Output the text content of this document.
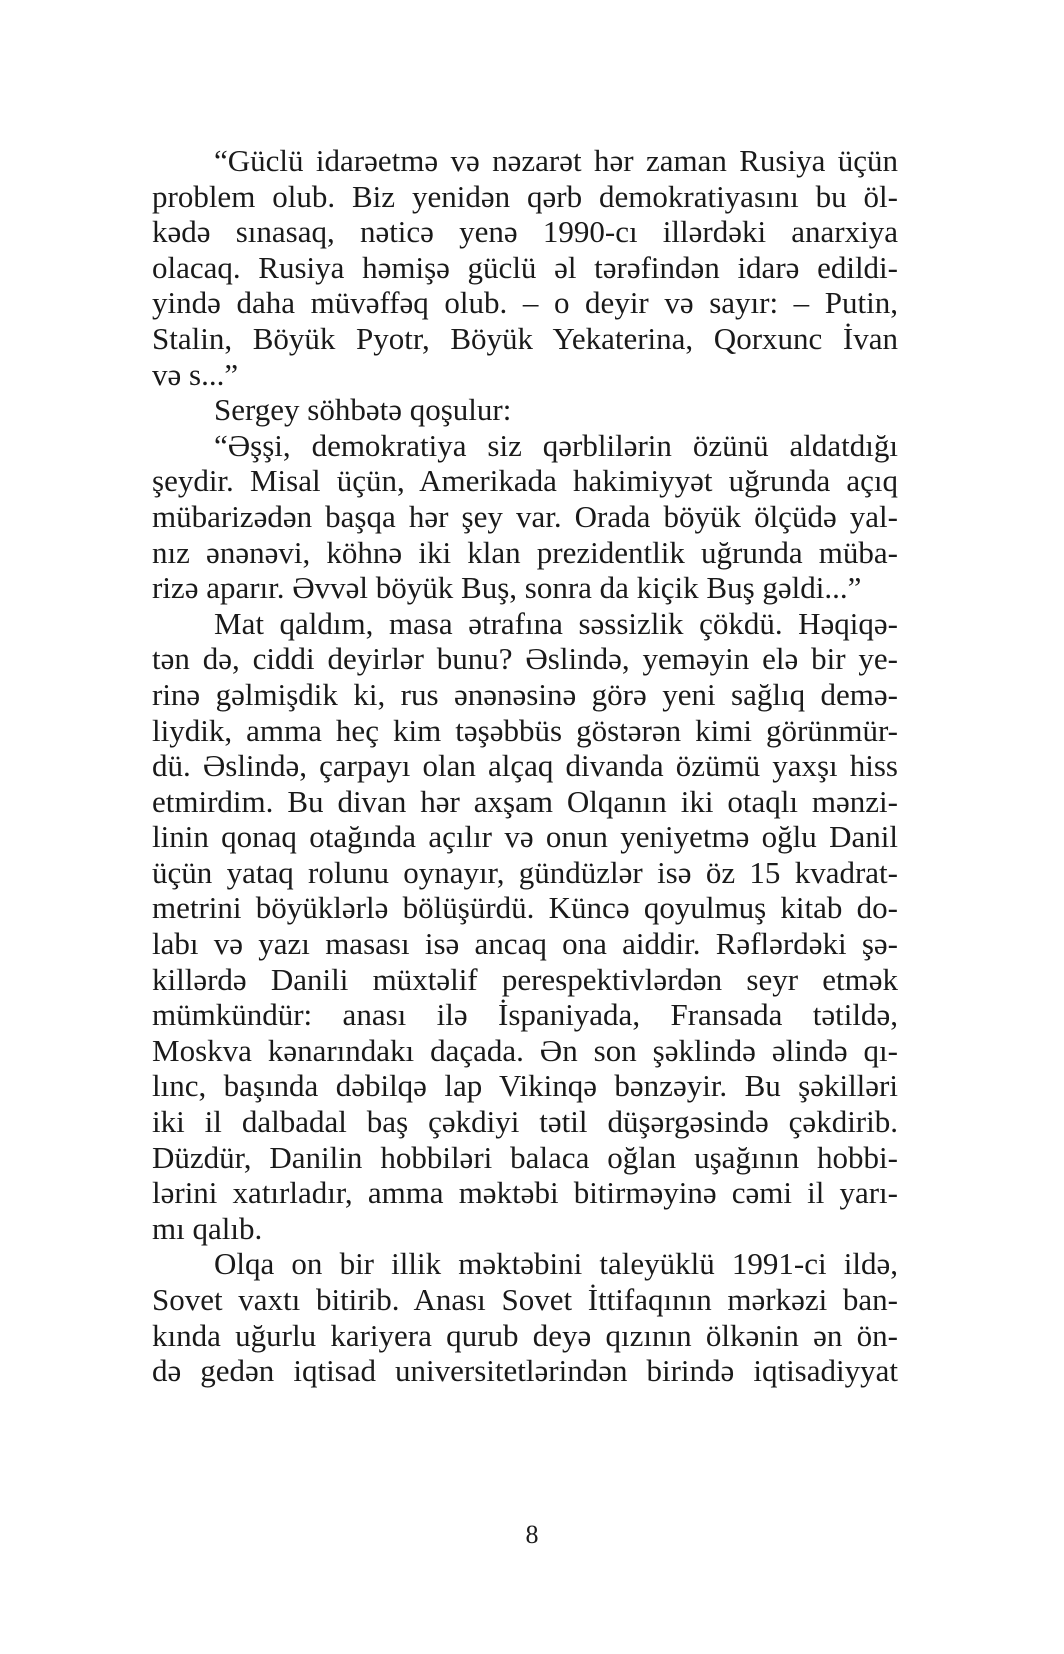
“Güclü idarəetmə və nəzarət hər zaman Rusiya üçün
problem olub. Biz yenidən qərb demokratiyasını bu öl-
kədə sınasaq, nəticə yenə 1990-cı illərdəki anarxiya
olacaq. Rusiya həmişə güclü əl tərəfindən idarə edildi-
yində daha müvəffəq olub. – o deyir və sayır: – Putin,
Stalin, Böyük Pyotr, Böyük Yekaterina, Qorxunc İvan
və s...”
Sergey söhbətə qoşulur:
“Əşşi, demokratiya siz qərblilərin özünü aldatdığı
şeydir. Misal üçün, Amerikada hakimiyyət uğrunda açıq
mübarizədən başqa hər şey var. Orada böyük ölçüdə yal-
nız ənənəvi, köhnə iki klan prezidentlik uğrunda müba-
rizə aparır. Əvvəl böyük Buş, sonra da kiçik Buş gəldi...”
Mat qaldım, masa ətrafına səssizlik çökdü. Həqiqə-
tən də, ciddi deyirlər bunu? Əslində, yeməyin elə bir ye-
rinə gəlmişdik ki, rus ənənəsinə görə yeni sağlıq demə-
liydik, amma heç kim təşəbbüs göstərən kimi görünmür-
dü. Əslində, çarpayı olan alçaq divanda özümü yaxşı hiss
etmirdim. Bu divan hər axşam Olqanın iki otaqlı mənzi-
linin qonaq otağında açılır və onun yeniyetmə oğlu Danil
üçün yataq rolunu oynayır, gündüzlər isə öz 15 kvadrat-
metrini böyüklərlə bölüşürdü. Küncə qoyulmuş kitab do-
labı və yazı masası isə ancaq ona aiddir. Rəflərdəki şə-
killərdə Danili müxtəlif perespektivlərdən seyr etmək
mümkündür: anası ilə İspaniyada, Fransada tətildə,
Moskva kənarındakı daçada. Ən son şəklində əlində qı-
lınc, başında dəbilqə lap Vikinqə bənzəyir. Bu şəkilləri
iki il dalbadal baş çəkdiyi tətil düşərgəsində çəkdirib.
Düzdür, Danilin hobbiləri balaca oğlan uşağının hobbi-
lərini xatırladır, amma məktəbi bitirməyinə cəmi il yarı-
mı qalıb.
Olqa on bir illik məktəbini taleyüklü 1991-ci ildə,
Sovet vaxtı bitirib. Anası Sovet İttifaqının mərkəzi ban-
kında uğurlu kariyera qurub deyə qızının ölkənin ən ön-
də gedən iqtisad universitetlərindən birində iqtisadiyyat
8
